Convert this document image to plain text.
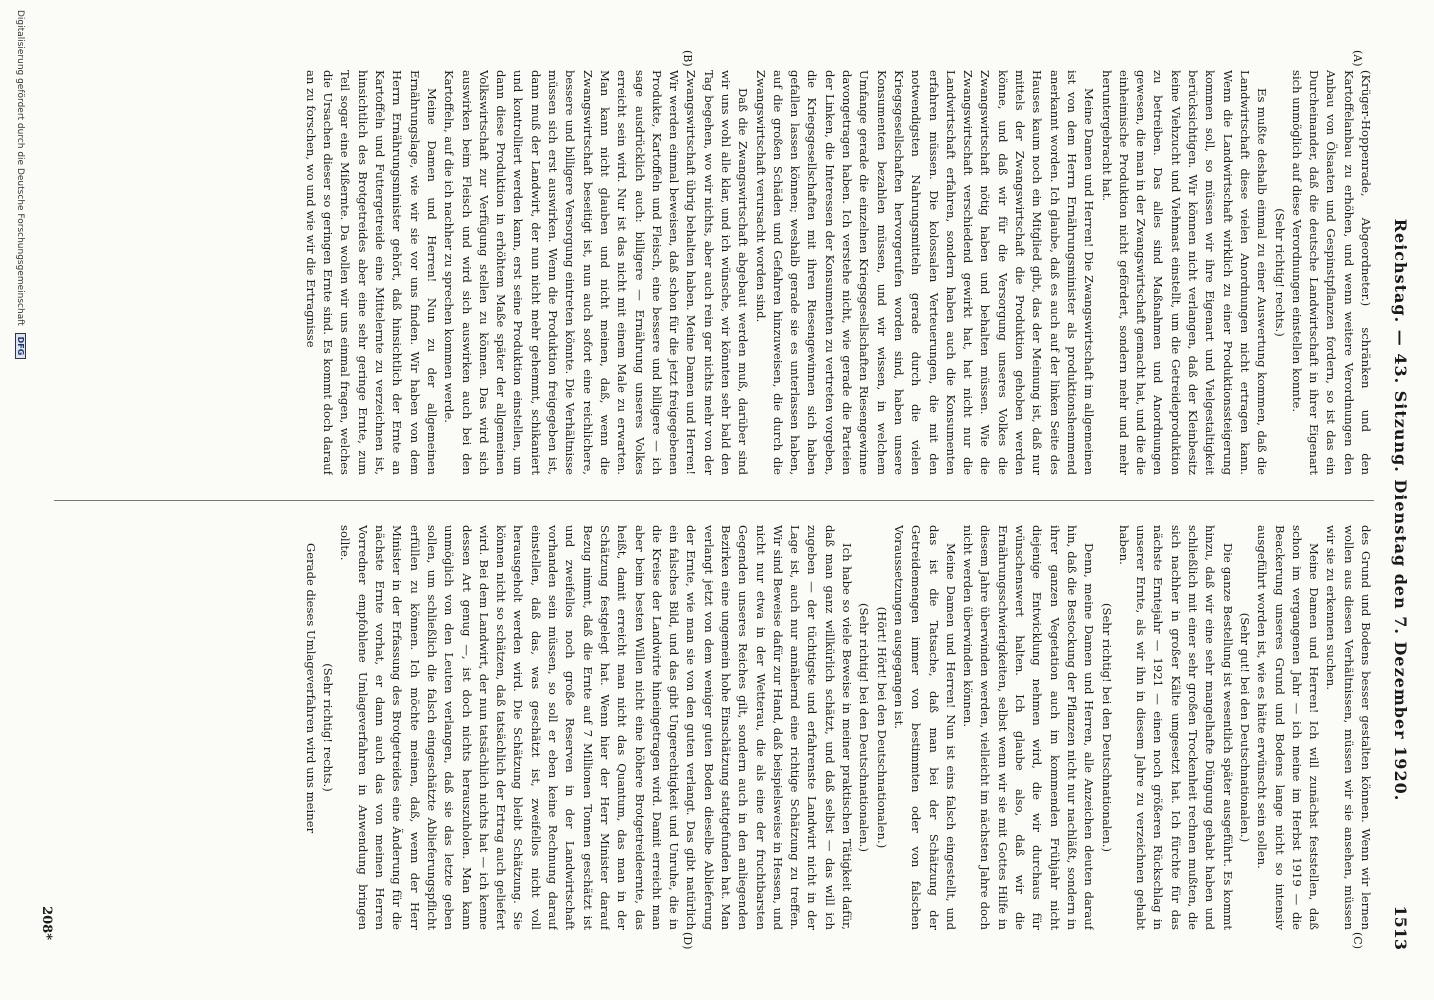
Reichstag. — 43. Sitzung. Dienstag den 7. Dezember 1920.
1513
(A)
(B)
(C)
(D)

(Krüger-Hoppenrade, Abgeordneter.) schränken und den Kartoffelanbau zu erhöhen, und wenn weitere Verordnungen den Anbau von Ölsaaten und Gespinstpflanzen fordern, so ist das ein Durcheinander, daß die deutsche Landwirtschaft in ihrer Eigenart sich unmöglich auf diese Verordnungen einstellen konnte.

(Sehr richtig! rechts.)

Es mußte deshalb einmal zu einer Auswertung kommen, daß die Landwirtschaft diese vielen Anordnungen nicht ertragen kann. Wenn die Landwirtschaft wirklich zu einer Produktionssteigerung kommen soll, so müssen wir ihre Eigenart und Vielgestaltigkeit berücksichtigen. Wir können nicht verlangen, daß der Kleinbesitz keine Viehzucht und Viehmast einstellt, um die Getreideproduktion zu betreiben. Das alles sind Maßnahmen und Anordnungen gewesen, die man in der Zwangswirtschaft gemacht hat, und die die einheimische Produktion nicht gefördert, sondern mehr und mehr heruntergebracht hat.

Meine Damen und Herren! Die Zwangswirtschaft im allgemeinen ist von dem Herrn Ernährungsminister als produktionshemmend anerkannt worden. Ich glaube, daß es auch auf der linken Seite des Hauses kaum noch ein Mitglied gibt, das der Meinung ist, daß nur mittels der Zwangswirtschaft die Produktion gehoben werden könne, und daß wir für die Versorgung unseres Volkes die Zwangswirtschaft nötig haben und behalten müssen. Wie die Zwangswirtschaft verschiedend gewirkt hat, hat nicht nur die Landwirtschaft erfahren, sondern haben auch die Konsumenten erfahren müssen. Die kolossalen Verteuerungen, die mit den notwendigsten Nahrungsmitteln gerade durch die vielen Kriegsgesellschaften hervorgerufen worden sind, haben unsere Konsumenten bezahlen müssen, und wir wissen, in welchem Umfange gerade die einzelnen Kriegsgesellschaften Riesengewinne davongetragen haben. Ich verstehe nicht, wie gerade die Parteien der Linken, die Interessen der Konsumenten zu vertreten vorgeben, die Kriegsgesellschaften mit ihren Riesengewinnen sich haben gefallen lassen können; weshalb gerade sie es unterlassen haben, auf die großen Schäden und Gefahren hinzuweisen, die durch die Zwangswirtschaft verursacht worden sind.

Daß die Zwangswirtschaft abgebaut werden muß, darüber sind wir uns wohl alle klar, und ich wünsche, wir könnten sehr bald den Tag begehen, wo wir nichts, aber auch rein gar nichts mehr von der Zwangswirtschaft übrig behalten haben. Meine Damen und Herren! Wir werden einmal beweisen, daß schon für die jetzt freigegebenen Produkte, Kartoffeln und Fleisch, eine bessere und billigere — ich sage ausdrücklich auch: billigere — Ernährung unseres Volkes erreicht sein wird. Nur ist das nicht mit einem Male zu erwarten. Man kann nicht glauben und nicht meinen, daß, wenn die Zwangswirtschaft beseitigt ist, nun auch sofort eine reichlichere, bessere und billigere Versorgung eintreten könnte. Die Verhältnisse müssen sich erst auswirken. Wenn die Produktion freigegeben ist, dann muß der Landwirt, der nun nicht mehr gehemmt, schikaniert und kontrolliert werden kann, erst seine Produktion einstellen, um dann diese Produktion in erhöhtem Maße später der allgemeinen Volkswirtschaft zur Verfügung stellen zu können. Das wird sich auswirken beim Fleisch und wird sich auswirken auch bei den Kartoffeln, auf die ich nachher zu sprechen kommen werde.

Meine Damen und Herren! Nun zu der allgemeinen Ernährungslage, wie wir sie vor uns finden. Wir haben von dem Herrn Ernährungsminister gehört, daß hinsichtlich der Ernte an Kartoffeln und Futtergetreide eine Mittelernte zu verzeichnen ist, hinsichtlich des Brotgetreides aber eine sehr geringe Ernte, zum Teil sogar eine Mißernte. Da wollen wir uns einmal fragen, welches die Ursachen dieser so geringen Ernte sind. Es kommt doch darauf an zu forschen, wo und wie wir die Ertragnisse

des Grund und Bodens besser gestalten können. Wenn wir lernen wollen aus diesen Verhältnissen, müssen wir sie ansehen, müssen wir sie zu erkennen suchen.

Meine Damen und Herren! Ich will zunächst feststellen, daß schon im vergangenen Jahr — ich meine im Herbst 1919 — die Beackerung unseres Grund und Bodens lange nicht so intensiv ausgeführt worden ist, wie es hätte erwünscht sein sollen.

(Sehr gut! bei den Deutschnationalen.)

Die ganze Bestellung ist wesentlich später ausgeführt. Es kommt hinzu, daß wir eine sehr mangelhafte Düngung gehabt haben und schließlich mit einer sehr großen Trockenheit rechnen mußten, die sich nachher in großer Kälte umgesetzt hat. Ich fürchte für das nächste Erntejahr — 1921 — einen noch größeren Rückschlag in unserer Ernte, als wir ihn in diesem Jahre zu verzeichnen gehabt haben.

(Sehr richtig! bei den Deutschnationalen.)

Denn, meine Damen und Herren, alle Anzeichen deuten darauf hin, daß die Bestockung der Pflanzen nicht nur nachläßt, sondern in ihrer ganzen Vegetation auch im kommenden Frühjahr nicht diejenige Entwicklung nehmen wird, die wir durchaus für wünschenswert halten. Ich glaube also, daß wir die Ernährungsschwierigkeiten, selbst wenn wir sie mit Gottes Hilfe in diesem Jahre überwinden werden, vielleicht im nächsten Jahre doch nicht werden überwinden können.

Meine Damen und Herren! Nun ist eins falsch eingestellt, und das ist die Tatsache, daß man bei der Schätzung der Getreidemengen immer von bestimmten oder von falschen Voraussetzungen ausgegangen ist.

(Hört! Hört! bei den Deutschnationalen.)

(Sehr richtig! bei den Deutschnationalen.)

Ich habe so viele Beweise in meiner praktischen Tätigkeit dafür, daß man ganz willkürlich schätzt, und daß selbst — das will ich zugeben — der tüchtigste und erfahrenste Landwirt nicht in der Lage ist, auch nur annähernd eine richtige Schätzung zu treffen. Wir sind Beweise dafür zur Hand, daß beispielsweise in Hessen, und nicht nur etwa in der Wetterau, die als eine der fruchtbarsten Gegenden unseres Reiches gilt, sondern auch in den anliegenden Bezirken eine ungemein hohe Einschätzung stattgefunden hat. Man verlangt jetzt von dem weniger guten Boden dieselbe Ablieferung der Ernte, wie man sie von den guten verlangt. Das gibt natürlich ein falsches Bild, und das gibt Ungerechtigkeit und Unruhe, die in die Kreise der Landwirte hineingetragen wird. Damit erreicht man aber beim besten Willen nicht eine höhere Brotgetreideernte, das heißt, damit erreicht man nicht das Quantum, das man in der Schätzung festgelegt hat. Wenn hier der Herr Minister darauf Bezug nimmt, daß die Ernte auf 7 Millionen Tonnen geschätzt ist und zweifellos noch große Reserven in der Landwirtschaft vorhanden sein müssen, so soll er eben keine Rechnung darauf einstellen, daß das, was geschätzt ist, zweifellos nicht voll herausgeholt werden wird. Die Schätzung bleibt Schätzung. Sie können nicht so schätzen, daß tatsächlich der Ertrag auch geliefert wird. Bei dem Landwirt, der nun tatsächlich nichts hat — ich kenne dessen Art genug —, ist doch nichts herauszuholen. Man kann unmöglich von den Leuten verlangen, daß sie das letzte geben sollen, um schließlich die falsch eingeschätzte Ablieferungspflicht erfüllen zu können. Ich möchte meinen, daß, wenn der Herr Minister in der Erfassung des Brotgetreides eine Änderung für die nächste Ernte vorhat, er dann auch das von meinen Herren Vorredner empfohlene Umlageverfahren in Anwendung bringen sollte.

(Sehr richtig! rechts.)

Gerade dieses Umlageverfahren wird uns meiner

208*
Digitalisierung gefördert durch die Deutsche Forschungsgemeinschaft DFG
